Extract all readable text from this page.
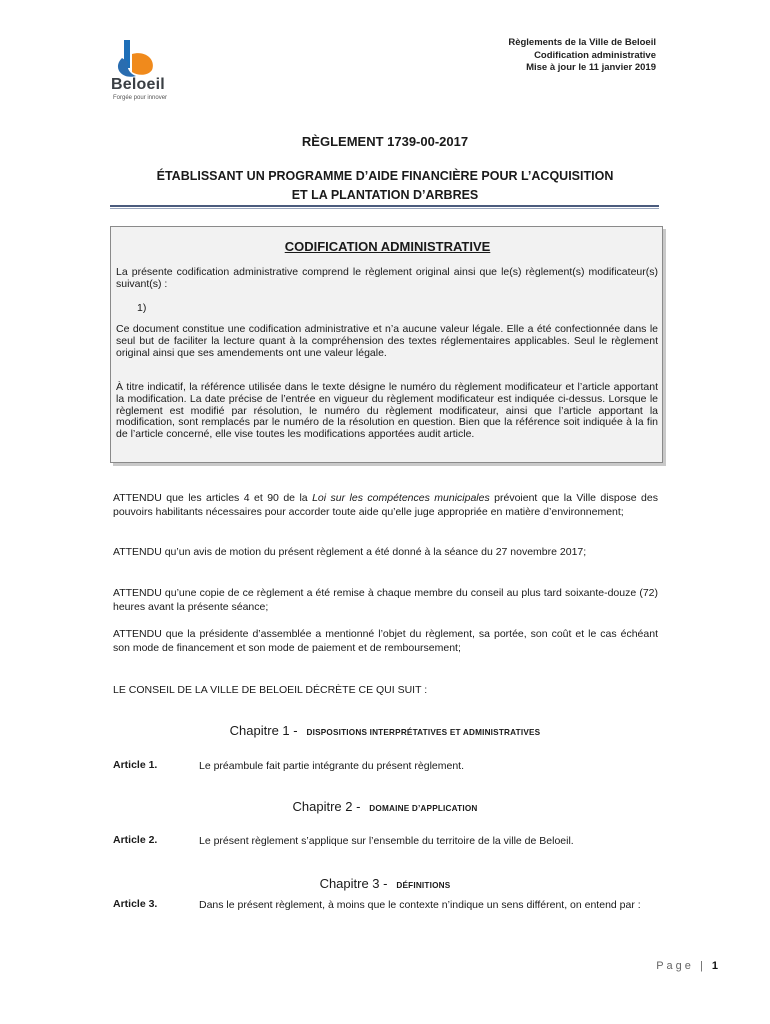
Beloeil
Forgée pour innover
Règlements de la Ville de Beloeil
Codification administrative
Mise à jour le 11 janvier 2019
RÈGLEMENT 1739-00-2017
ÉTABLISSANT UN PROGRAMME D’AIDE FINANCIÈRE POUR L’ACQUISITION
ET LA PLANTATION D’ARBRES
CODIFICATION ADMINISTRATIVE
La présente codification administrative comprend le règlement original ainsi que le(s) règlement(s) modificateur(s) suivant(s) :
1)
Ce document constitue une codification administrative et n’a aucune valeur légale. Elle a été confectionnée dans le seul but de faciliter la lecture quant à la compréhension des textes réglementaires applicables. Seul le règlement original ainsi que ses amendements ont une valeur légale.
À titre indicatif, la référence utilisée dans le texte désigne le numéro du règlement modificateur et l’article apportant la modification. La date précise de l’entrée en vigueur du règlement modificateur est indiquée ci-dessus. Lorsque le règlement est modifié par résolution, le numéro du règlement modificateur, ainsi que l’article apportant la modification, sont remplacés par le numéro de la résolution en question. Bien que la référence soit indiquée à la fin de l’article concerné, elle vise toutes les modifications apportées audit article.
ATTENDU que les articles 4 et 90 de la Loi sur les compétences municipales prévoient que la Ville dispose des pouvoirs habilitants nécessaires pour accorder toute aide qu’elle juge appropriée en matière d’environnement;
ATTENDU qu’un avis de motion du présent règlement a été donné à la séance du 27 novembre 2017;
ATTENDU qu’une copie de ce règlement a été remise à chaque membre du conseil au plus tard soixante-douze (72) heures avant la présente séance;
ATTENDU que la présidente d’assemblée a mentionné l’objet du règlement, sa portée, son coût et le cas échéant son mode de financement et son mode de paiement et de remboursement;
LE CONSEIL DE LA VILLE DE BELOEIL DÉCRÈTE CE QUI SUIT :
Chapitre 1 - DISPOSITIONS INTERPRÉTATIVES ET ADMINISTRATIVES
Article 1.	Le préambule fait partie intégrante du présent règlement.
Chapitre 2 - DOMAINE D’APPLICATION
Article 2.	Le présent règlement s’applique sur l’ensemble du territoire de la ville de Beloeil.
Chapitre 3 - DÉFINITIONS
Article 3.	Dans le présent règlement, à moins que le contexte n’indique un sens différent, on entend par :
Page | 1
